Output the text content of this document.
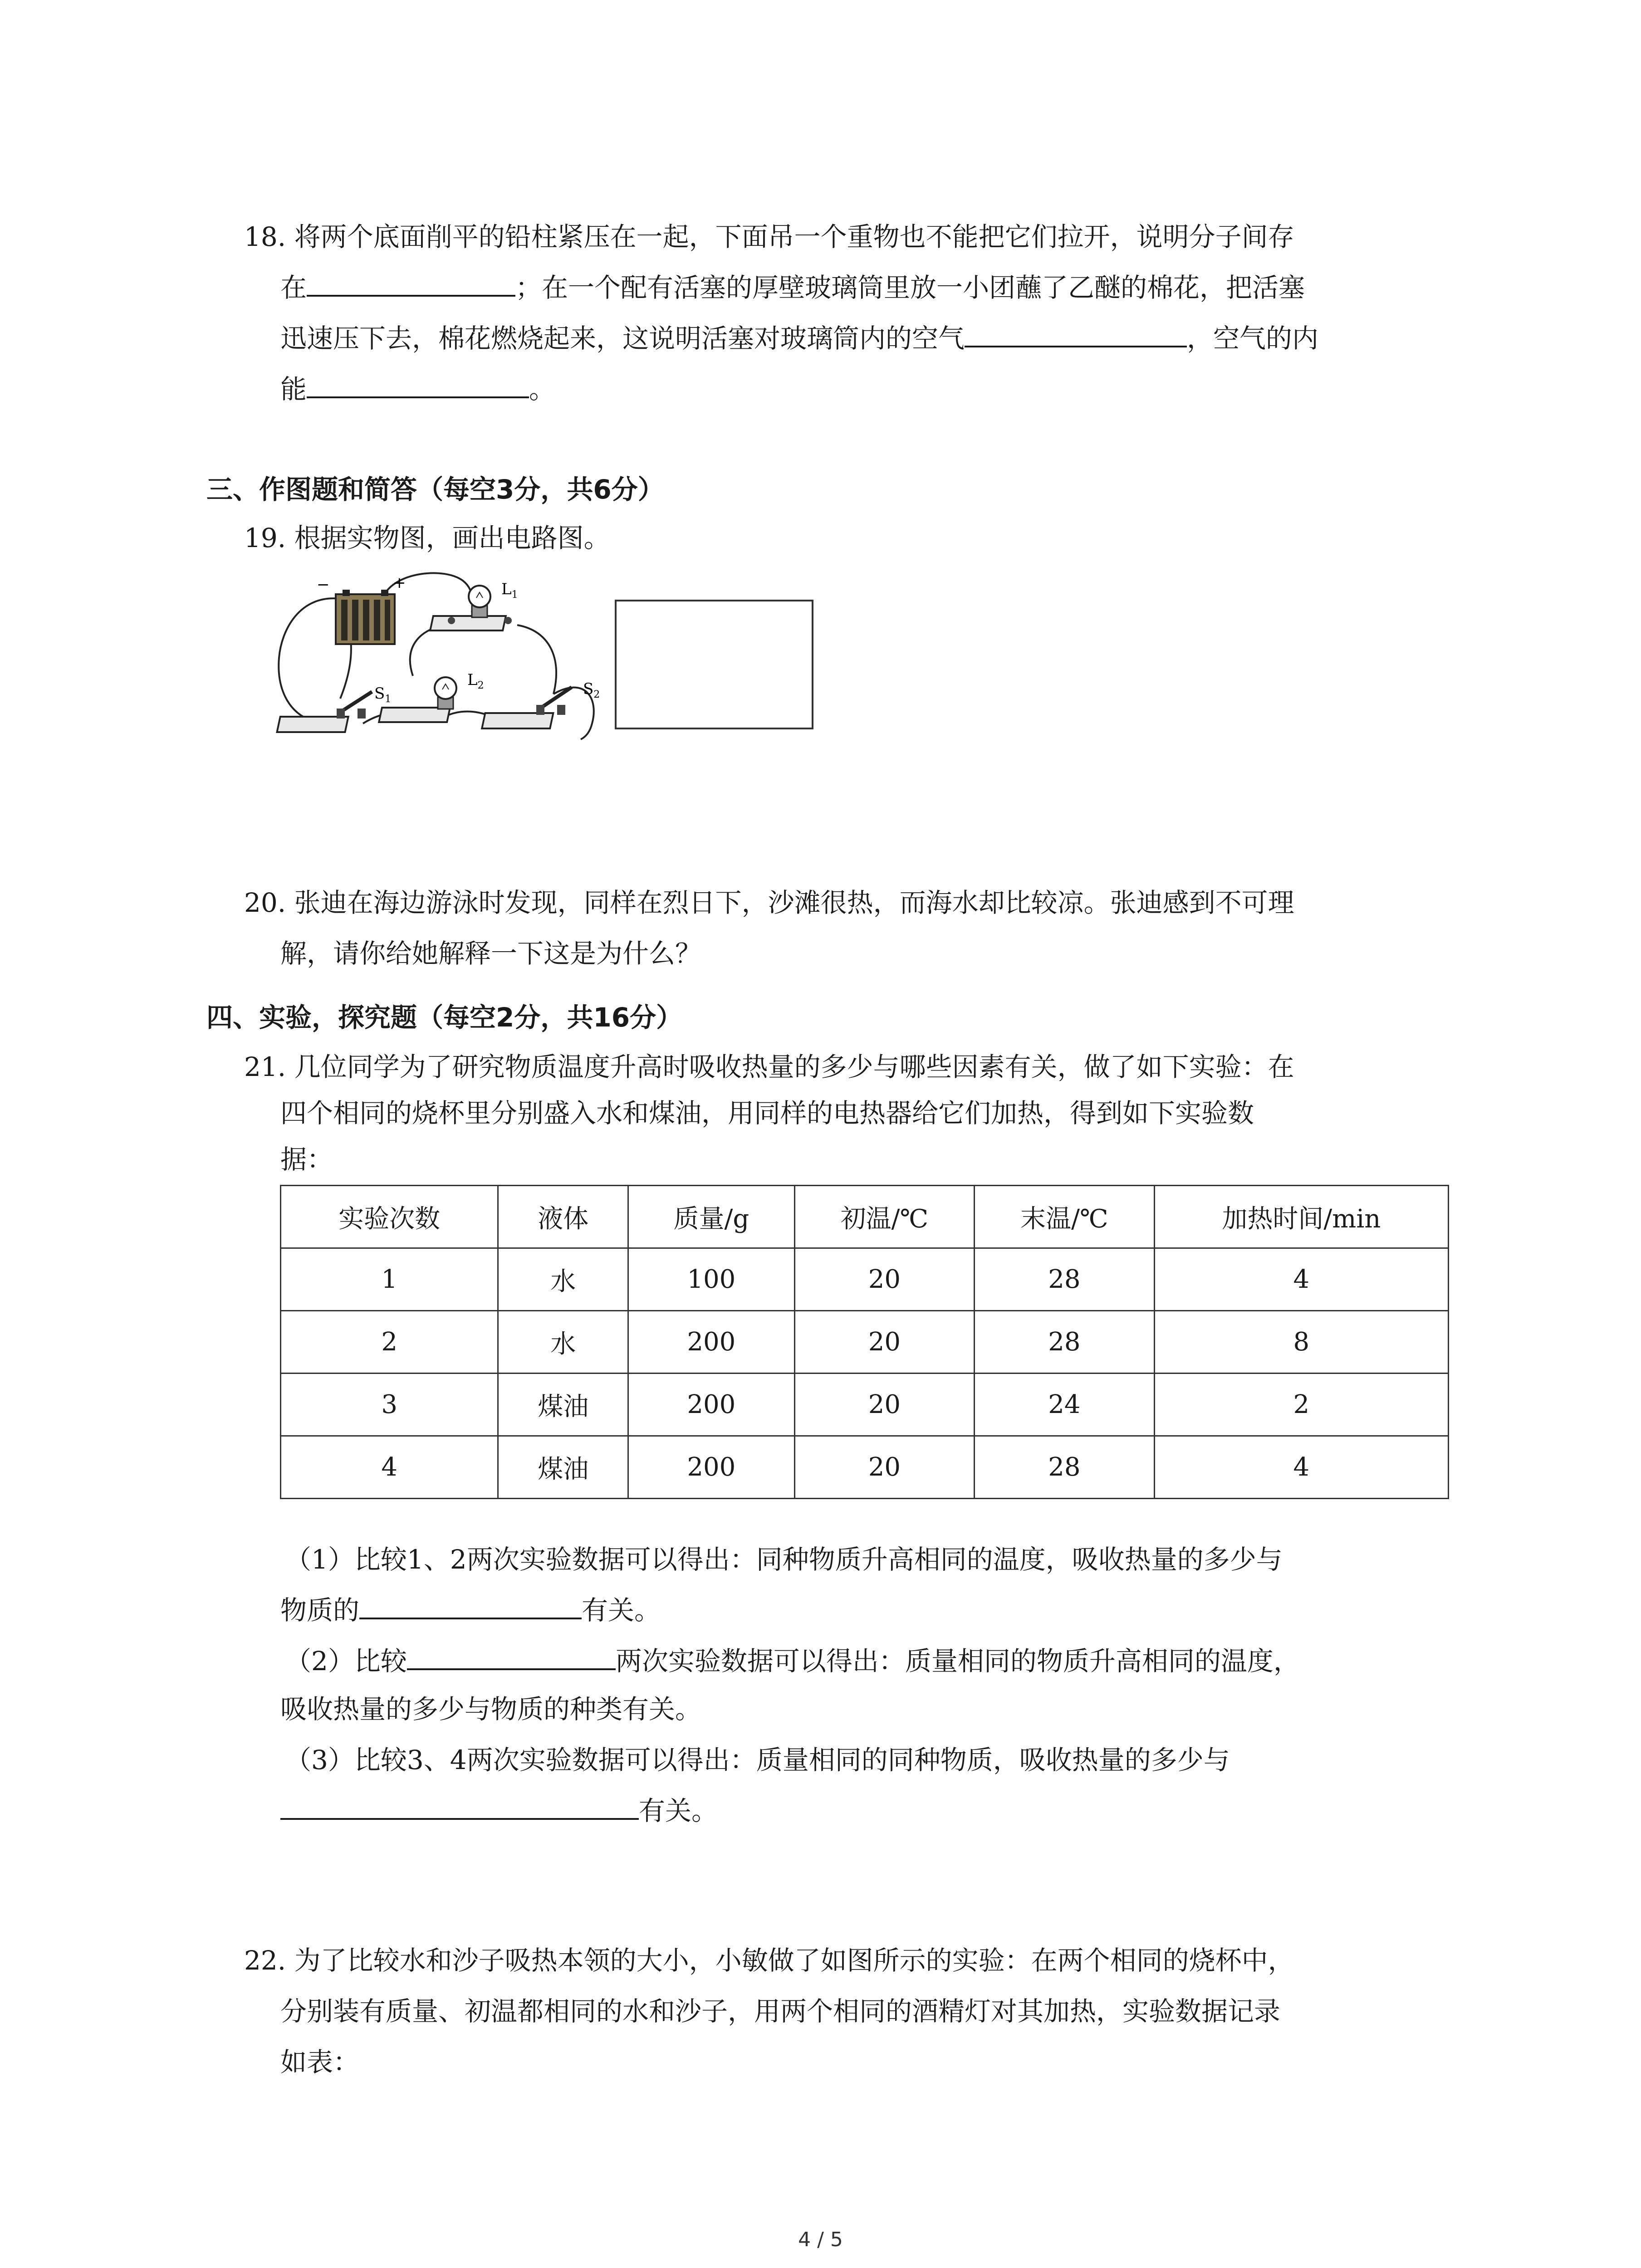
18. 将两个底面削平的铅柱紧压在一起，下面吊一个重物也不能把它们拉开，说明分子间存
在	；在一个配有活塞的厚壁玻璃筒里放一小团蘸了乙醚的棉花，把活塞
迅速压下去，棉花燃烧起来，这说明活塞对玻璃筒内的空气	，空气的内
能	。
三、作图题和简答（每空3分，共6分）
19. 根据实物图，画出电路图。
−	+	$L_1$
$L_2$
$S_1$
$S_2$
20. 张迪在海边游泳时发现，同样在烈日下，沙滩很热，而海水却比较凉。张迪感到不可理
解，请你给她解释一下这是为什么？
四、实验，探究题（每空2分，共16分）
21. 几位同学为了研究物质温度升高时吸收热量的多少与哪些因素有关，做了如下实验：在
四个相同的烧杯里分别盛入水和煤油，用同样的电热器给它们加热，得到如下实验数
据：
实验次数	液体	质量/g	初温/℃	末温/℃	加热时间/min
1	水	100	20	28	4
2	水	200	20	28	8
3	煤油	200	20	24	2
4	煤油	200	20	28	4
（1）比较1、2两次实验数据可以得出：同种物质升高相同的温度，吸收热量的多少与
物质的	有关。
（2）比较	两次实验数据可以得出：质量相同的物质升高相同的温度，
吸收热量的多少与物质的种类有关。
（3）比较3、4两次实验数据可以得出：质量相同的同种物质，吸收热量的多少与
有关。
22. 为了比较水和沙子吸热本领的大小，小敏做了如图所示的实验：在两个相同的烧杯中，
分别装有质量、初温都相同的水和沙子，用两个相同的酒精灯对其加热，实验数据记录
如表：
4 / 5
